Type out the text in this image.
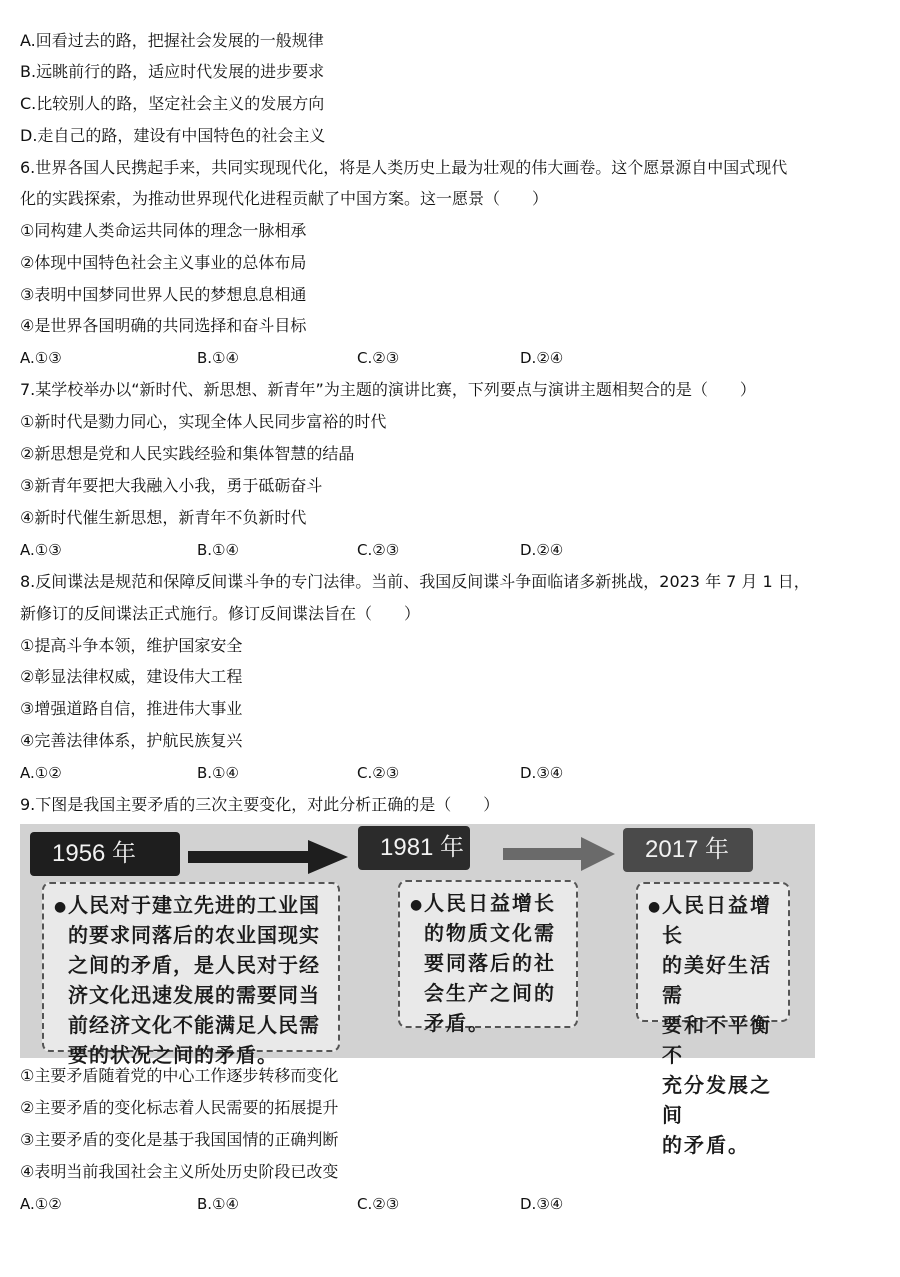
A.回看过去的路，把握社会发展的一般规律
B.远眺前行的路，适应时代发展的进步要求
C.比较别人的路，坚定社会主义的发展方向
D.走自己的路，建设有中国特色的社会主义
6.世界各国人民携起手来，共同实现现代化，将是人类历史上最为壮观的伟大画卷。这个愿景源自中国式现代
化的实践探索，为推动世界现代化进程贡献了中国方案。这一愿景（　　）
①同构建人类命运共同体的理念一脉相承
②体现中国特色社会主义事业的总体布局
③表明中国梦同世界人民的梦想息息相通
④是世界各国明确的共同选择和奋斗目标
A.①③	B.①④	C.②③	D.②④
7.某学校举办以“新时代、新思想、新青年”为主题的演讲比赛，下列要点与演讲主题相契合的是（　　）
①新时代是勠力同心，实现全体人民同步富裕的时代
②新思想是党和人民实践经验和集体智慧的结晶
③新青年要把大我融入小我，勇于砥砺奋斗
④新时代催生新思想，新青年不负新时代
A.①③	B.①④	C.②③	D.②④
8.反间谍法是规范和保障反间谍斗争的专门法律。当前、我国反间谍斗争面临诸多新挑战，2023 年 7 月 1 日，
新修订的反间谍法正式施行。修订反间谍法旨在（　　）
①提高斗争本领，维护国家安全
②彰显法律权威，建设伟大工程
③增强道路自信，推进伟大事业
④完善法律体系，护航民族复兴
A.①②	B.①④	C.②③	D.③④
9.下图是我国主要矛盾的三次主要变化，对此分析正确的是（　　）
1956 年	1981 年	2017 年
● 人民对于建立先进的工业国
的要求同落后的农业国现实
之间的矛盾，是人民对于经
济文化迅速发展的需要同当
前经济文化不能满足人民需
要的状况之间的矛盾。
● 人民日益增长
的物质文化需
要同落后的社
会生产之间的
矛盾。
● 人民日益增长
的美好生活需
要和不平衡不
充分发展之间
的矛盾。
①主要矛盾随着党的中心工作逐步转移而变化
②主要矛盾的变化标志着人民需要的拓展提升
③主要矛盾的变化是基于我国国情的正确判断
④表明当前我国社会主义所处历史阶段已改变
A.①②	B.①④	C.②③	D.③④
